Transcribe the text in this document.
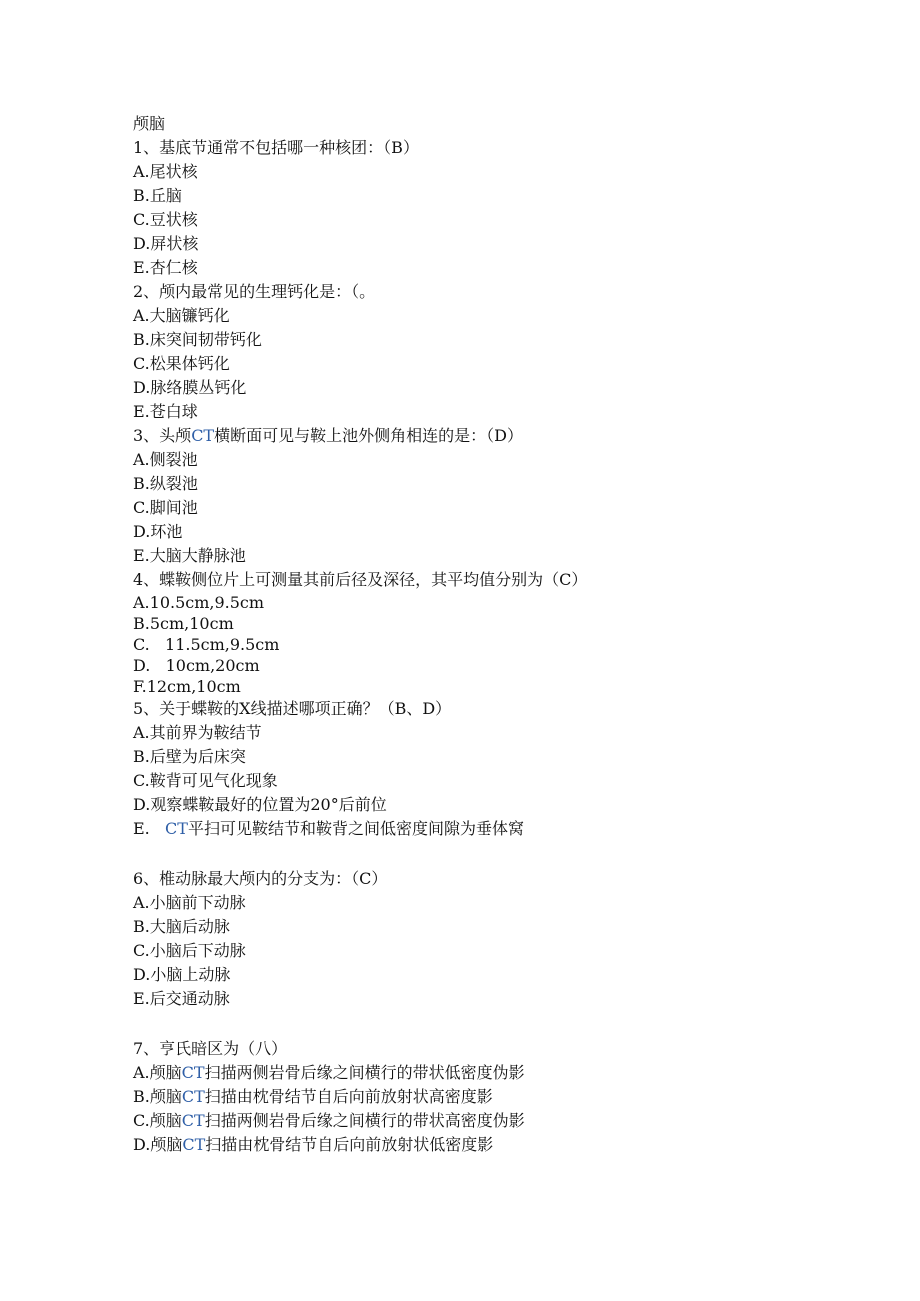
颅脑
1、基底节通常不包括哪一种核团：（B）
A.尾状核
B.丘脑
C.豆状核
D.屏状核
E.杏仁核
2、颅内最常见的生理钙化是：（。
A.大脑镰钙化
B.床突间韧带钙化
C.松果体钙化
D.脉络膜丛钙化
E.苍白球
3、头颅CT横断面可见与鞍上池外侧角相连的是：（D）
A.侧裂池
B.纵裂池
C.脚间池
D.环池
E.大脑大静脉池
4、蝶鞍侧位片上可测量其前后径及深径，其平均值分别为（C）
A.10.5cm,9.5cm
B.5cm,10cm
C.   11.5cm,9.5cm
D.   10cm,20cm
F.12cm,10cm
5、关于蝶鞍的X线描述哪项正确？（B、D）
A.其前界为鞍结节
B.后壁为后床突
C.鞍背可见气化现象
D.观察蝶鞍最好的位置为20°后前位
E.   CT平扫可见鞍结节和鞍背之间低密度间隙为垂体窝
6、椎动脉最大颅内的分支为：（C）
A.小脑前下动脉
B.大脑后动脉
C.小脑后下动脉
D.小脑上动脉
E.后交通动脉
7、亨氏暗区为（八）
A.颅脑CT扫描两侧岩骨后缘之间横行的带状低密度伪影
B.颅脑CT扫描由枕骨结节自后向前放射状高密度影
C.颅脑CT扫描两侧岩骨后缘之间横行的带状高密度伪影
D.颅脑CT扫描由枕骨结节自后向前放射状低密度影
